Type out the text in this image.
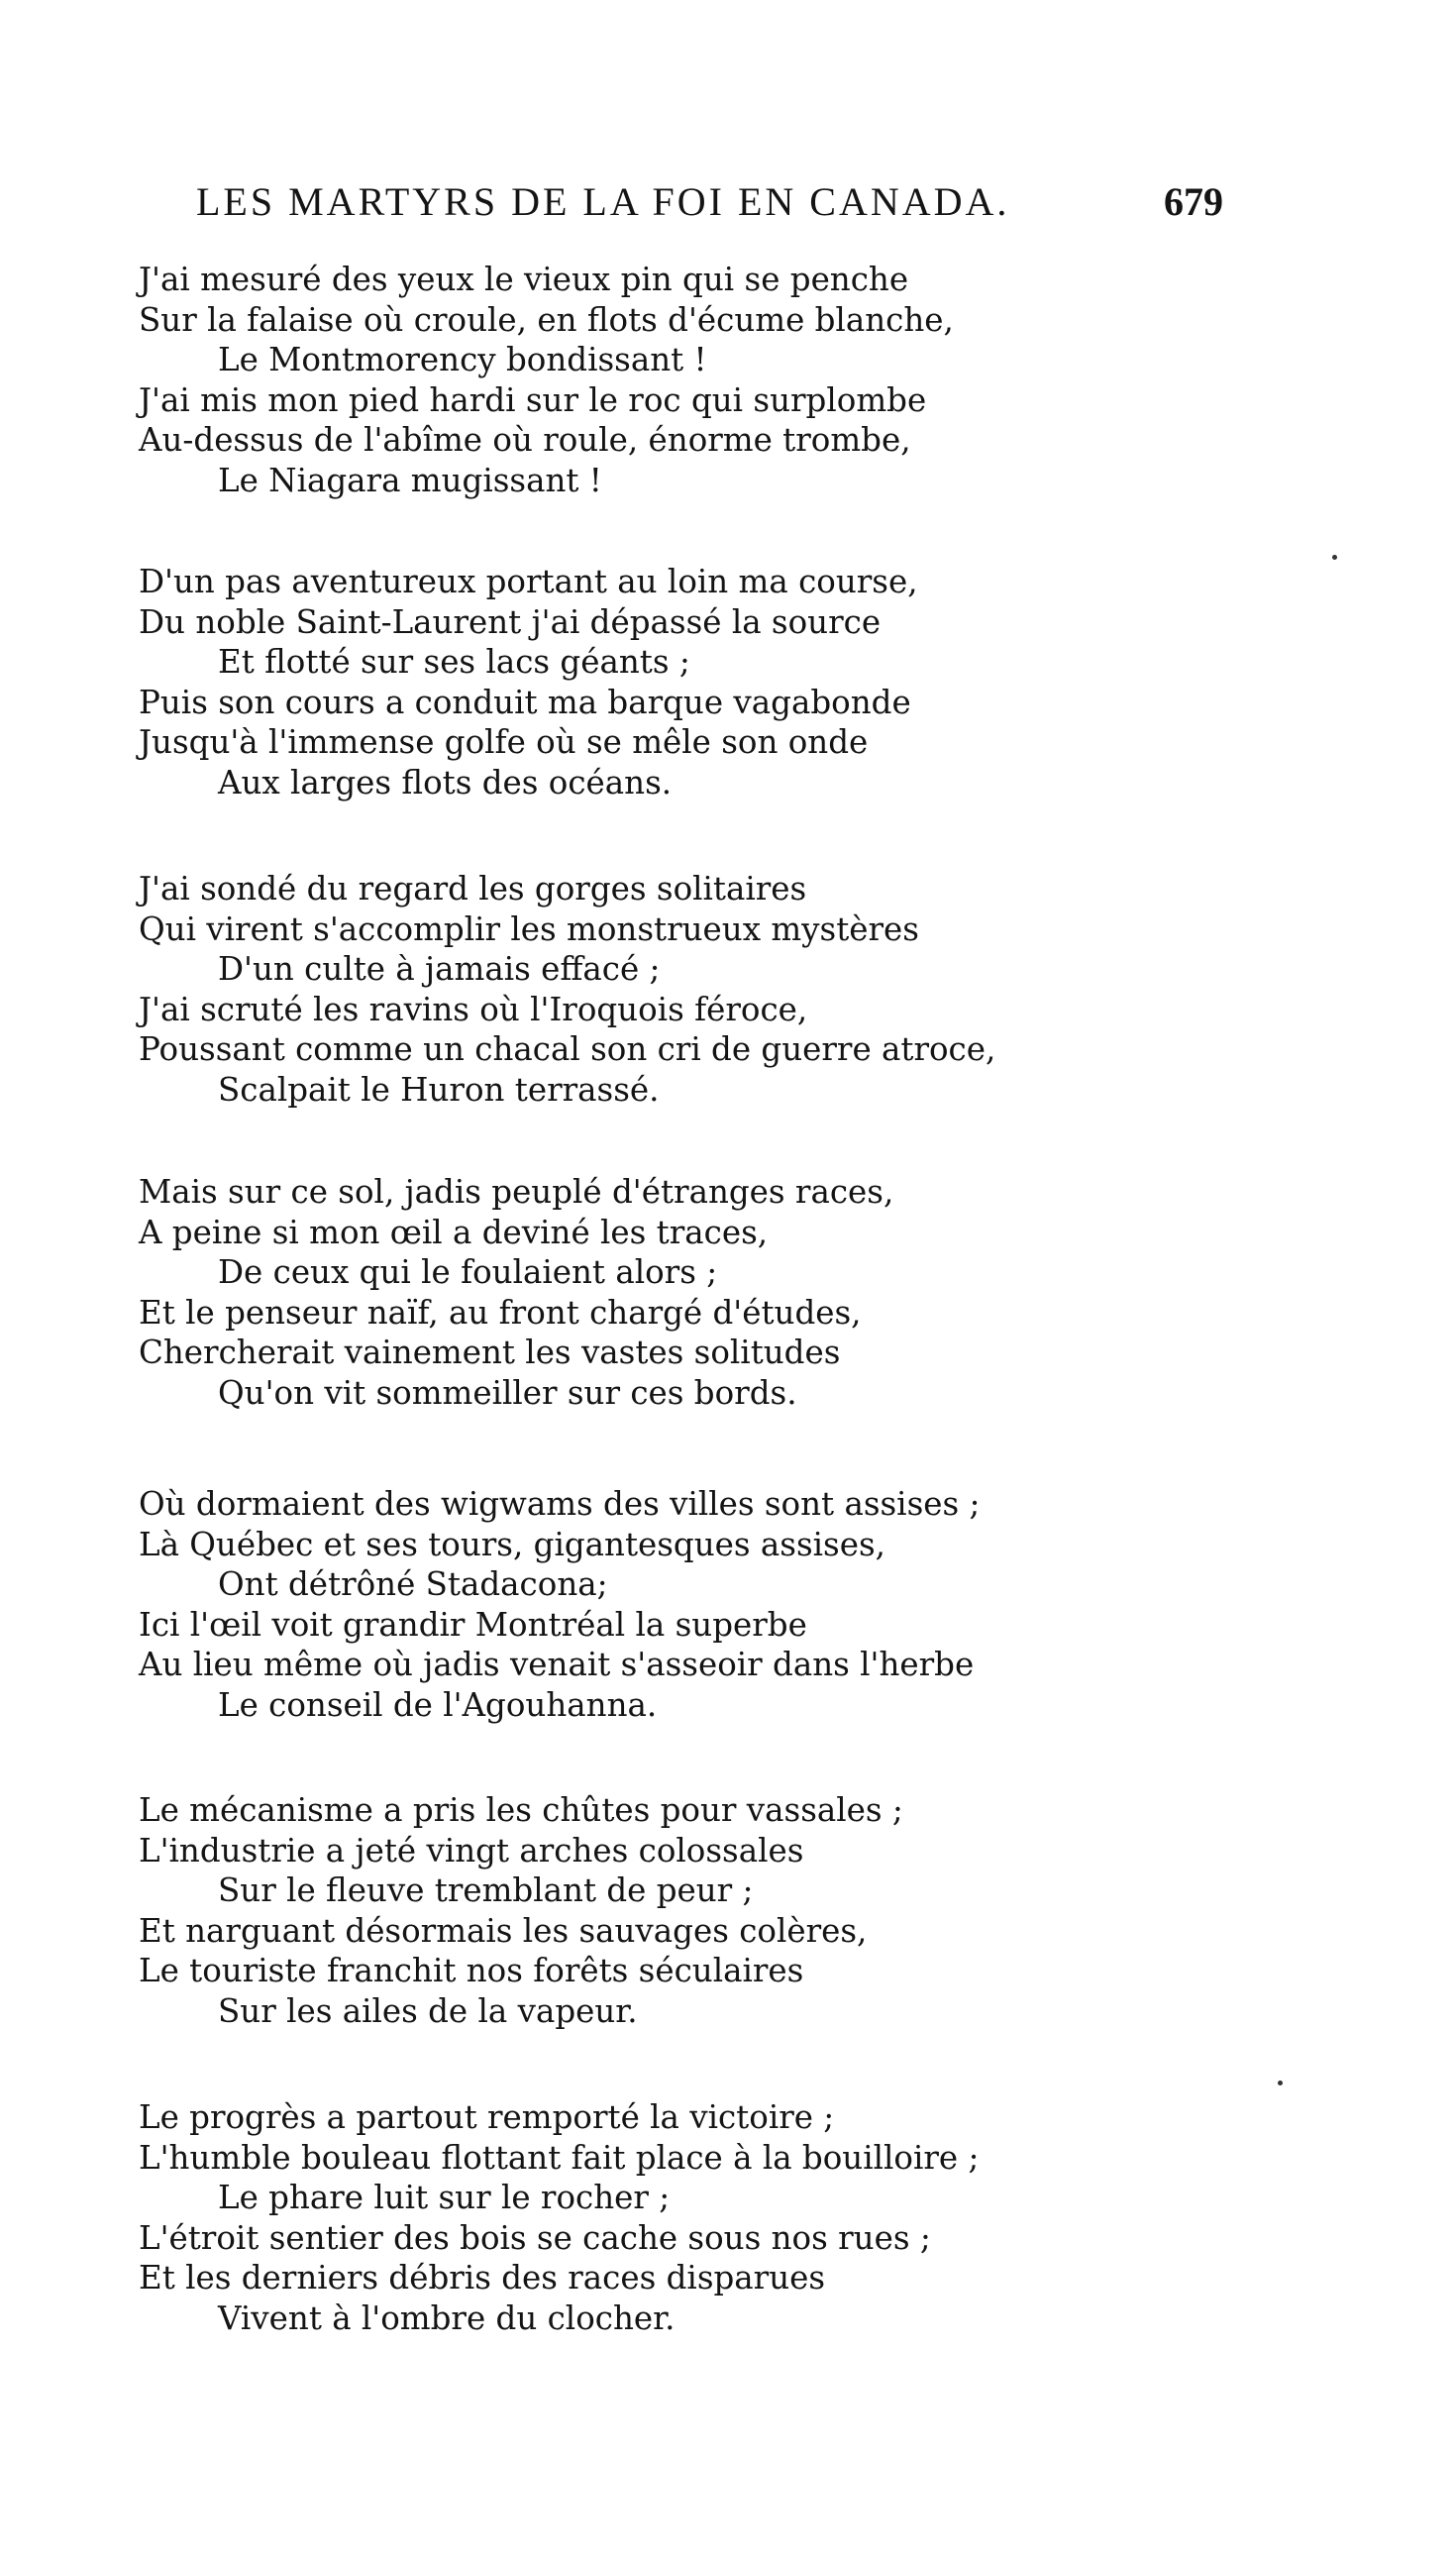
LES MARTYRS DE LA FOI EN CANADA.	679
J'ai mesuré des yeux le vieux pin qui se penche
Sur la falaise où croule, en flots d'écume blanche,
Le Montmorency bondissant !
J'ai mis mon pied hardi sur le roc qui surplombe
Au-dessus de l'abîme où roule, énorme trombe,
Le Niagara mugissant !
D'un pas aventureux portant au loin ma course,
Du noble Saint-Laurent j'ai dépassé la source
Et flotté sur ses lacs géants ;
Puis son cours a conduit ma barque vagabonde
Jusqu'à l'immense golfe où se mêle son onde
Aux larges flots des océans.
J'ai sondé du regard les gorges solitaires
Qui virent s'accomplir les monstrueux mystères
D'un culte à jamais effacé ;
J'ai scruté les ravins où l'Iroquois féroce,
Poussant comme un chacal son cri de guerre atroce,
Scalpait le Huron terrassé.
Mais sur ce sol, jadis peuplé d'étranges races,
A peine si mon œil a deviné les traces,
De ceux qui le foulaient alors ;
Et le penseur naïf, au front chargé d'études,
Chercherait vainement les vastes solitudes
Qu'on vit sommeiller sur ces bords.
Où dormaient des wigwams des villes sont assises ;
Là Québec et ses tours, gigantesques assises,
Ont détrôné Stadacona;
Ici l'œil voit grandir Montréal la superbe
Au lieu même où jadis venait s'asseoir dans l'herbe
Le conseil de l'Agouhanna.
Le mécanisme a pris les chûtes pour vassales ;
L'industrie a jeté vingt arches colossales
Sur le fleuve tremblant de peur ;
Et narguant désormais les sauvages colères,
Le touriste franchit nos forêts séculaires
Sur les ailes de la vapeur.
Le progrès a partout remporté la victoire ;
L'humble bouleau flottant fait place à la bouilloire ;
Le phare luit sur le rocher ;
L'étroit sentier des bois se cache sous nos rues ;
Et les derniers débris des races disparues
Vivent à l'ombre du clocher.
